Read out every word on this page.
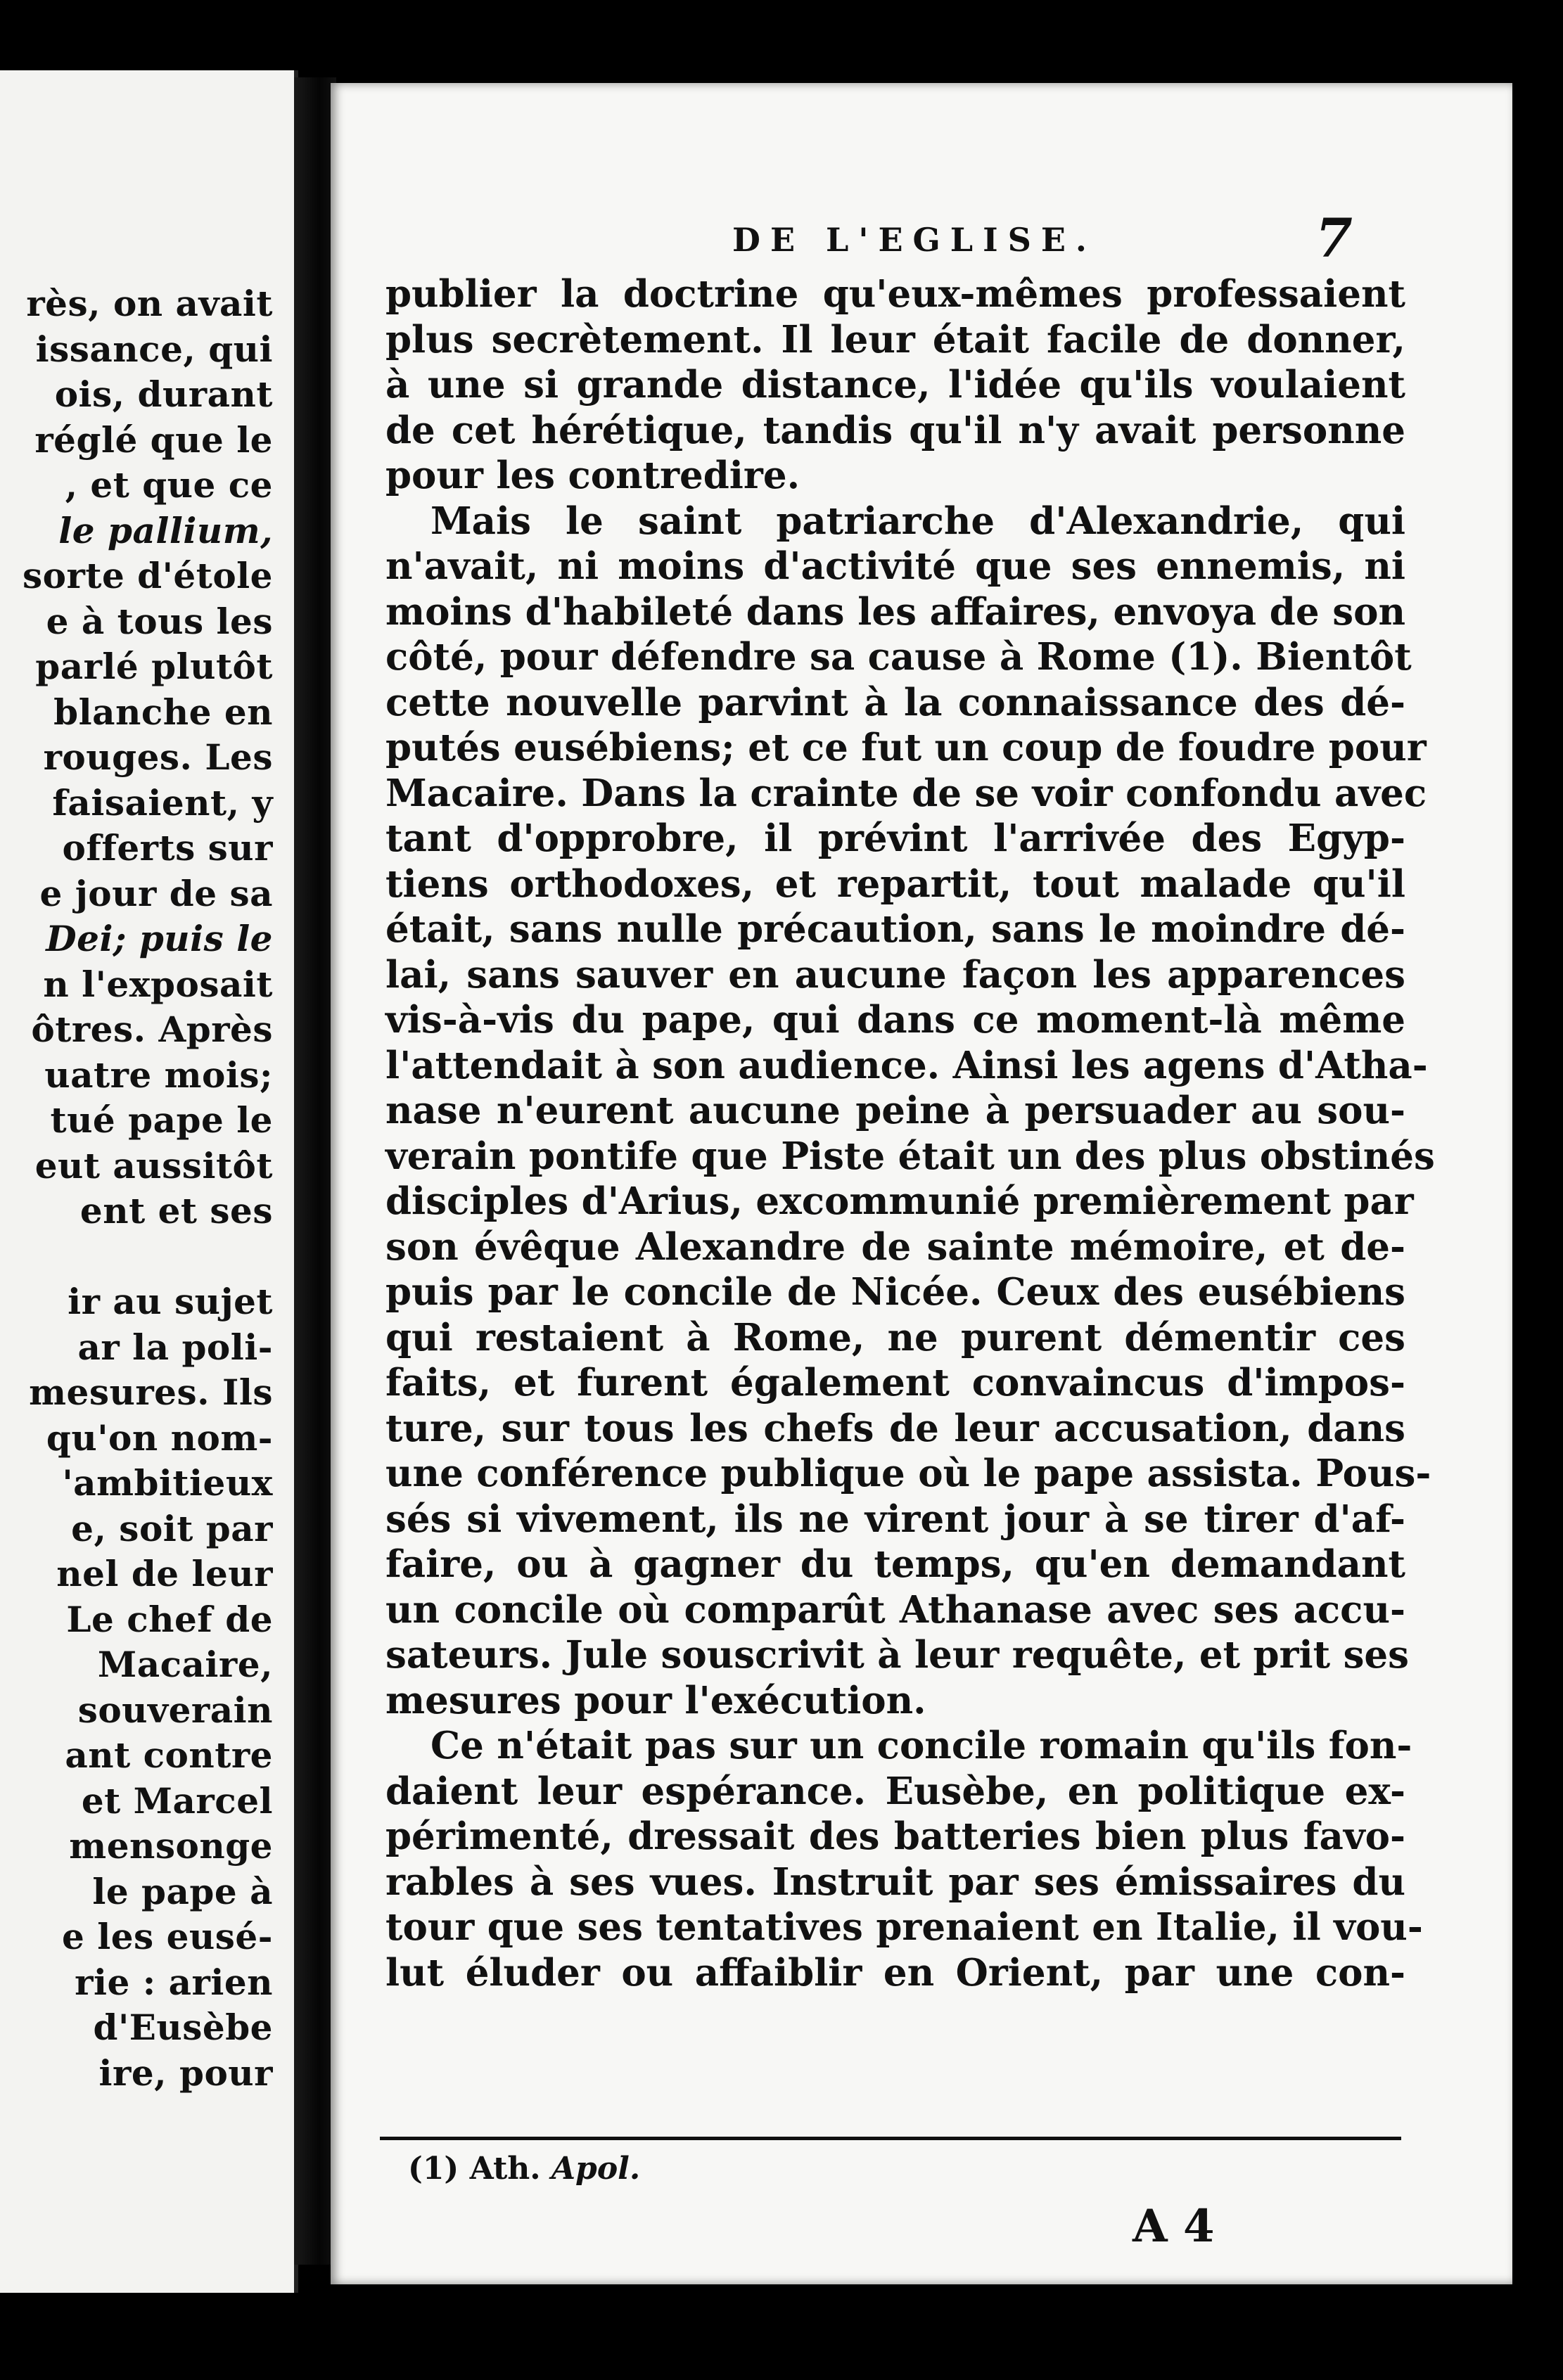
rès, on avait
issance, qui
ois, durant
réglé que le
, et que ce
le pallium,
sorte d'étole
e à tous les
parlé plutôt
blanche en
rouges. Les
faisaient, y
offerts sur
e jour de sa
Dei; puis le
n l'exposait
ôtres. Après
uatre mois;
tué pape le
eut aussitôt
ent et ses
ir au sujet
ar la poli-
mesures. Ils
qu'on nom-
'ambitieux
e, soit par
nel de leur
Le chef de
Macaire,
souverain
ant contre
et Marcel
mensonge
le pape à
e les eusé-
rie : arien
d'Eusèbe
ire, pour
DE L'EGLISE.	7
publier la doctrine qu'eux-mêmes professaient
plus secrètement. Il leur était facile de donner,
à une si grande distance, l'idée qu'ils voulaient
de cet hérétique, tandis qu'il n'y avait personne
pour les contredire.
Mais le saint patriarche d'Alexandrie, qui
n'avait, ni moins d'activité que ses ennemis, ni
moins d'habileté dans les affaires, envoya de son
côté, pour défendre sa cause à Rome (1). Bientôt
cette nouvelle parvint à la connaissance des dé-
putés eusébiens; et ce fut un coup de foudre pour
Macaire. Dans la crainte de se voir confondu avec
tant d'opprobre, il prévint l'arrivée des Egyp-
tiens orthodoxes, et repartit, tout malade qu'il
était, sans nulle précaution, sans le moindre dé-
lai, sans sauver en aucune façon les apparences
vis-à-vis du pape, qui dans ce moment-là même
l'attendait à son audience. Ainsi les agens d'Atha-
nase n'eurent aucune peine à persuader au sou-
verain pontife que Piste était un des plus obstinés
disciples d'Arius, excommunié premièrement par
son évêque Alexandre de sainte mémoire, et de-
puis par le concile de Nicée. Ceux des eusébiens
qui restaient à Rome, ne purent démentir ces
faits, et furent également convaincus d'impos-
ture, sur tous les chefs de leur accusation, dans
une conférence publique où le pape assista. Pous-
sés si vivement, ils ne virent jour à se tirer d'af-
faire, ou à gagner du temps, qu'en demandant
un concile où comparût Athanase avec ses accu-
sateurs. Jule souscrivit à leur requête, et prit ses
mesures pour l'exécution.
Ce n'était pas sur un concile romain qu'ils fon-
daient leur espérance. Eusèbe, en politique ex-
périmenté, dressait des batteries bien plus favo-
rables à ses vues. Instruit par ses émissaires du
tour que ses tentatives prenaient en Italie, il vou-
lut éluder ou affaiblir en Orient, par une con-
(1) Ath. Apol.
A 4
